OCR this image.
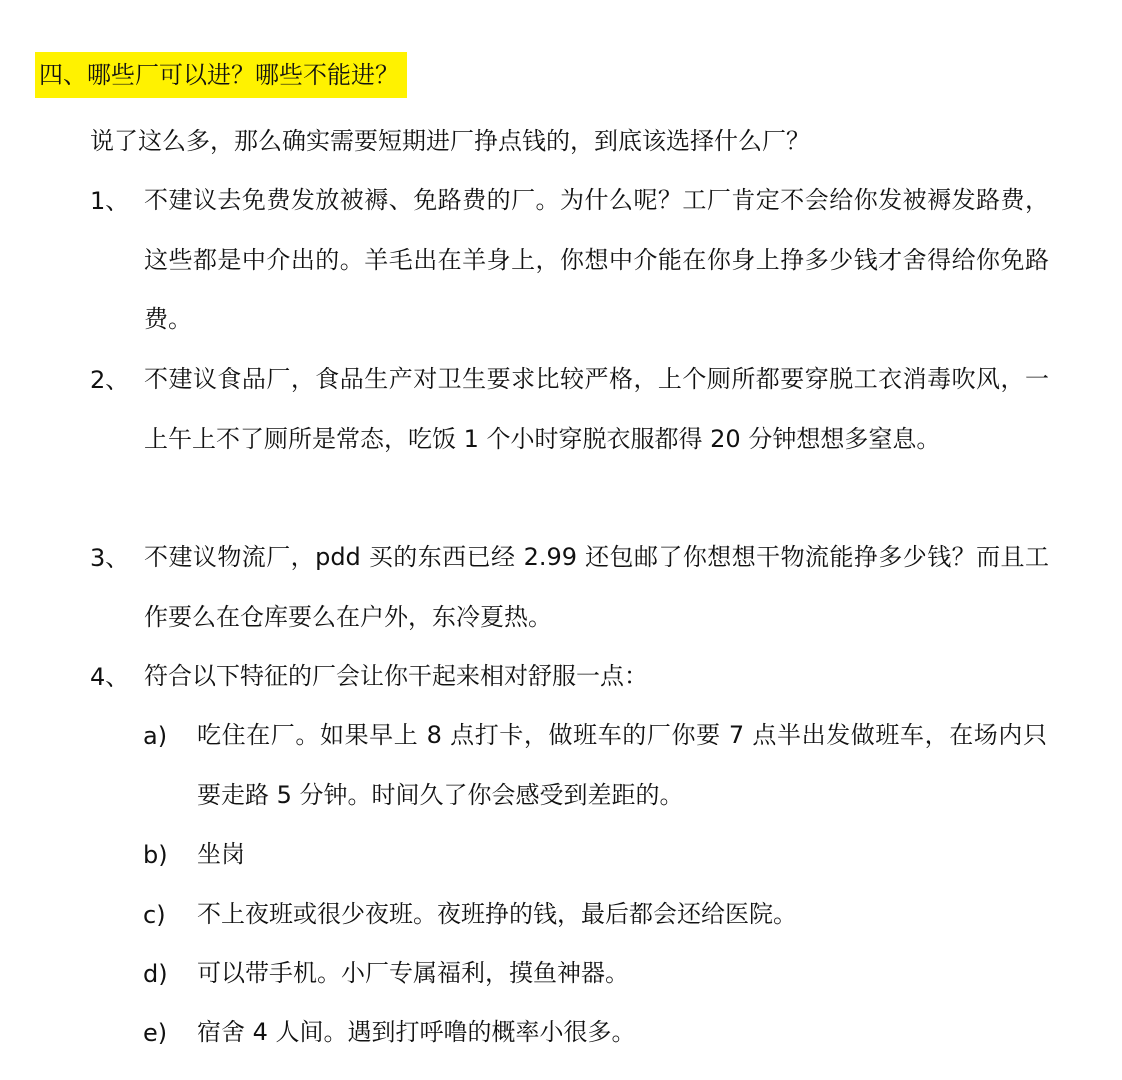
四、哪些厂可以进？哪些不能进？
说了这么多，那么确实需要短期进厂挣点钱的，到底该选择什么厂？
1、 不建议去免费发放被褥、免路费的厂。为什么呢？工厂肯定不会给你发被褥发路费，这些都是中介出的。羊毛出在羊身上，你想中介能在你身上挣多少钱才舍得给你免路费。
2、 不建议食品厂，食品生产对卫生要求比较严格，上个厕所都要穿脱工衣消毒吹风，一上午上不了厕所是常态，吃饭 1 个小时穿脱衣服都得 20 分钟想想多窒息。
3、 不建议物流厂，pdd 买的东西已经 2.99 还包邮了你想想干物流能挣多少钱？而且工作要么在仓库要么在户外，东冷夏热。
4、 符合以下特征的厂会让你干起来相对舒服一点：
a) 吃住在厂。如果早上 8 点打卡，做班车的厂你要 7 点半出发做班车，在场内只要走路 5 分钟。时间久了你会感受到差距的。
b) 坐岗
c) 不上夜班或很少夜班。夜班挣的钱，最后都会还给医院。
d) 可以带手机。小厂专属福利，摸鱼神器。
e) 宿舍 4 人间。遇到打呼噜的概率小很多。
